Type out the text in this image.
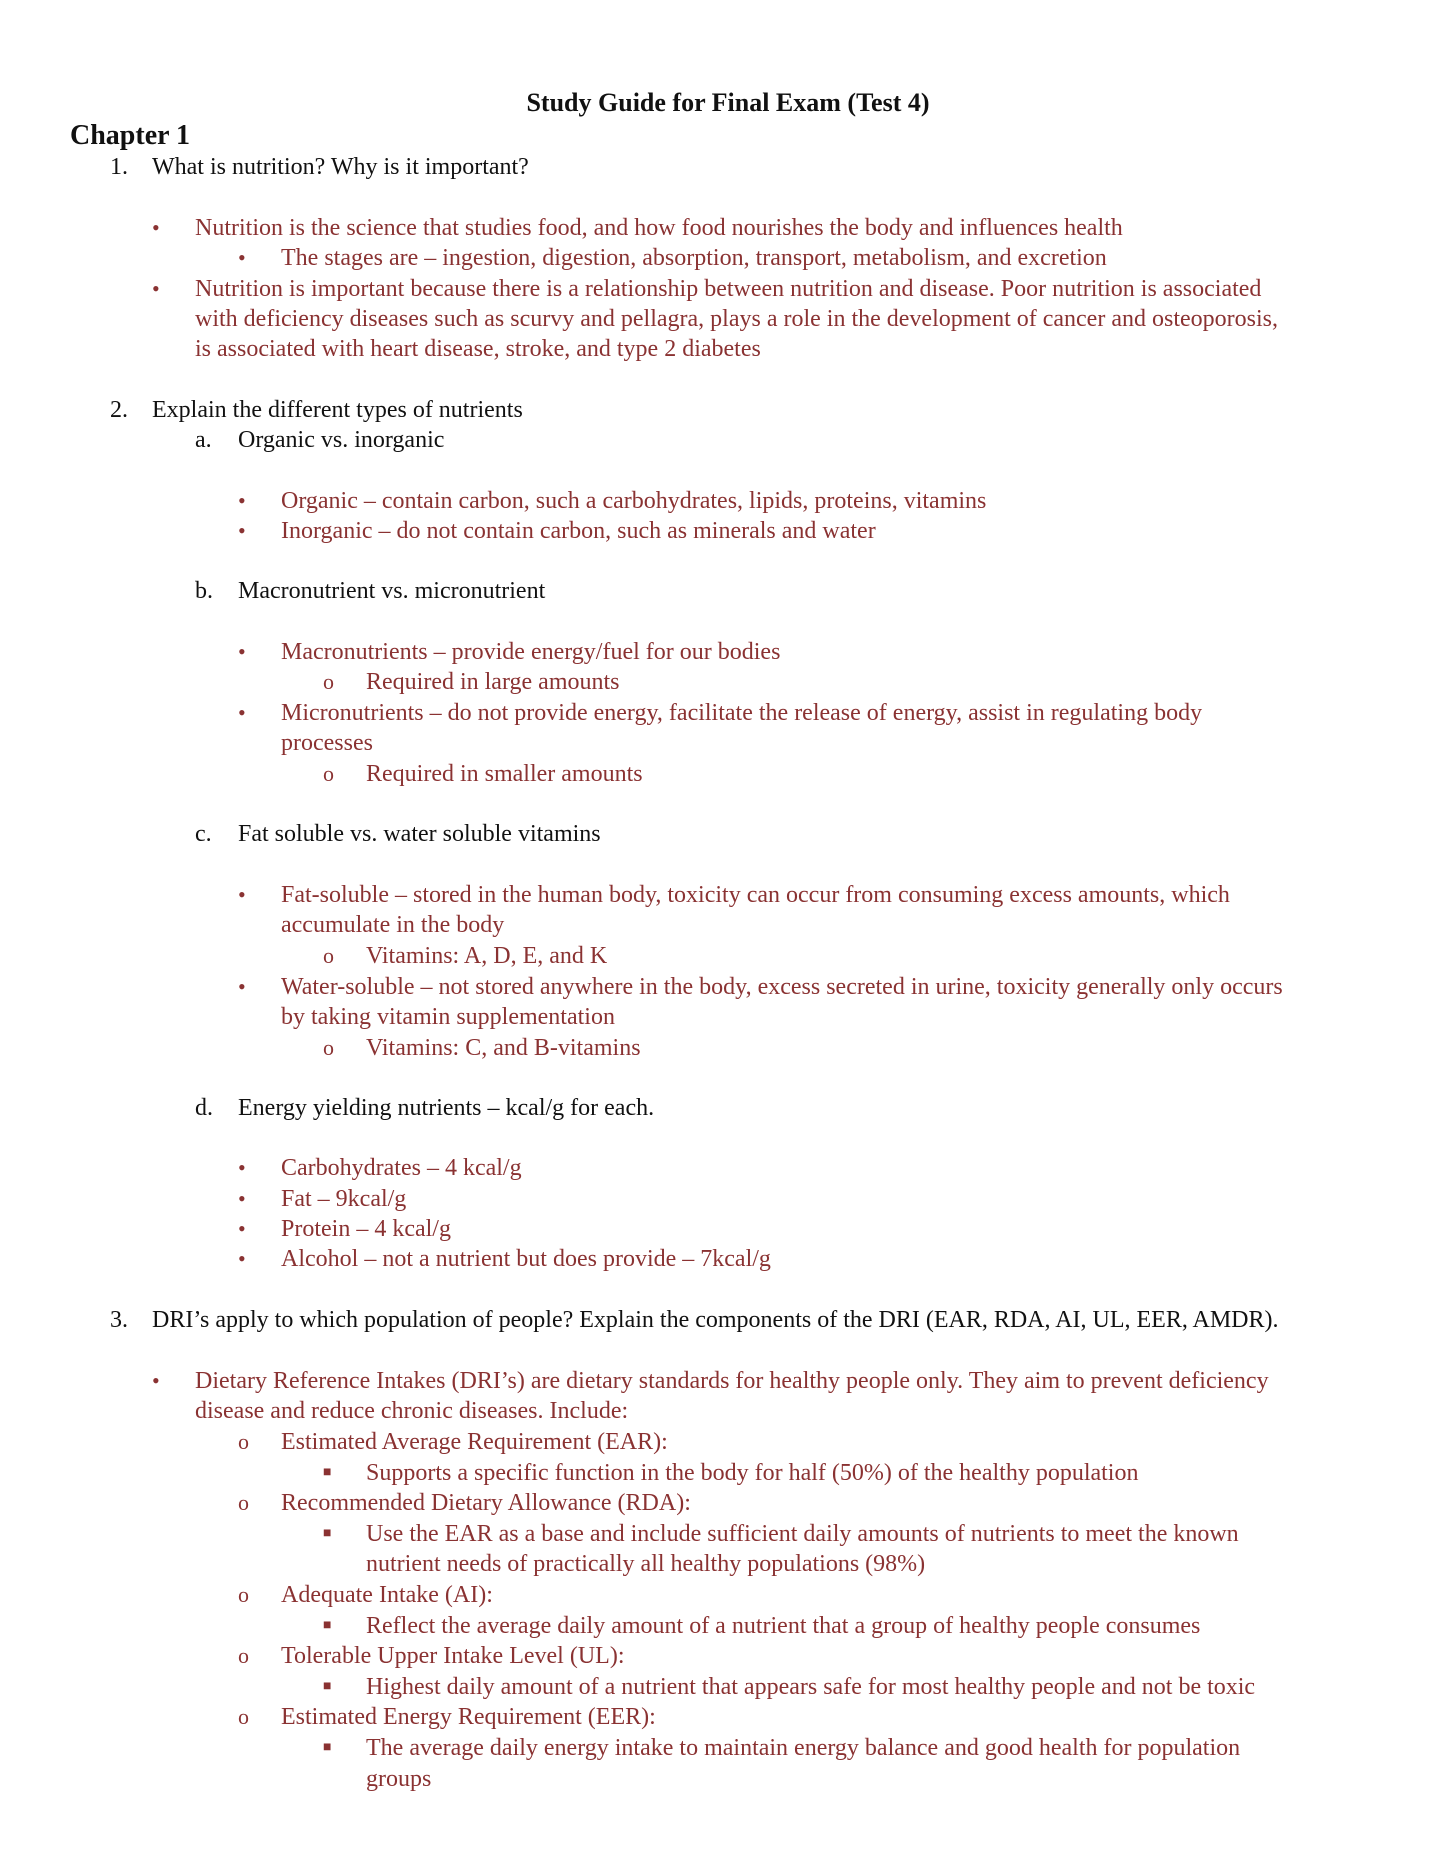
Study Guide for Final Exam (Test 4)
Chapter 1
1. What is nutrition? Why is it important?
• Nutrition is the science that studies food, and how food nourishes the body and influences health
• The stages are – ingestion, digestion, absorption, transport, metabolism, and excretion
• Nutrition is important because there is a relationship between nutrition and disease. Poor nutrition is associated
with deficiency diseases such as scurvy and pellagra, plays a role in the development of cancer and osteoporosis,
is associated with heart disease, stroke, and type 2 diabetes
2. Explain the different types of nutrients
a. Organic vs. inorganic
• Organic – contain carbon, such a carbohydrates, lipids, proteins, vitamins
• Inorganic – do not contain carbon, such as minerals and water
b. Macronutrient vs. micronutrient
• Macronutrients – provide energy/fuel for our bodies
o Required in large amounts
• Micronutrients – do not provide energy, facilitate the release of energy, assist in regulating body
processes
o Required in smaller amounts
c. Fat soluble vs. water soluble vitamins
• Fat-soluble – stored in the human body, toxicity can occur from consuming excess amounts, which
accumulate in the body
o Vitamins: A, D, E, and K
• Water-soluble – not stored anywhere in the body, excess secreted in urine, toxicity generally only occurs
by taking vitamin supplementation
o Vitamins: C, and B-vitamins
d. Energy yielding nutrients – kcal/g for each.
• Carbohydrates – 4 kcal/g
• Fat – 9kcal/g
• Protein – 4 kcal/g
• Alcohol – not a nutrient but does provide – 7kcal/g
3. DRI’s apply to which population of people? Explain the components of the DRI (EAR, RDA, AI, UL, EER, AMDR).
• Dietary Reference Intakes (DRI’s) are dietary standards for healthy people only. They aim to prevent deficiency
disease and reduce chronic diseases. Include:
o Estimated Average Requirement (EAR):
■ Supports a specific function in the body for half (50%) of the healthy population
o Recommended Dietary Allowance (RDA):
■ Use the EAR as a base and include sufficient daily amounts of nutrients to meet the known
nutrient needs of practically all healthy populations (98%)
o Adequate Intake (AI):
■ Reflect the average daily amount of a nutrient that a group of healthy people consumes
o Tolerable Upper Intake Level (UL):
■ Highest daily amount of a nutrient that appears safe for most healthy people and not be toxic
o Estimated Energy Requirement (EER):
■ The average daily energy intake to maintain energy balance and good health for population
groups
